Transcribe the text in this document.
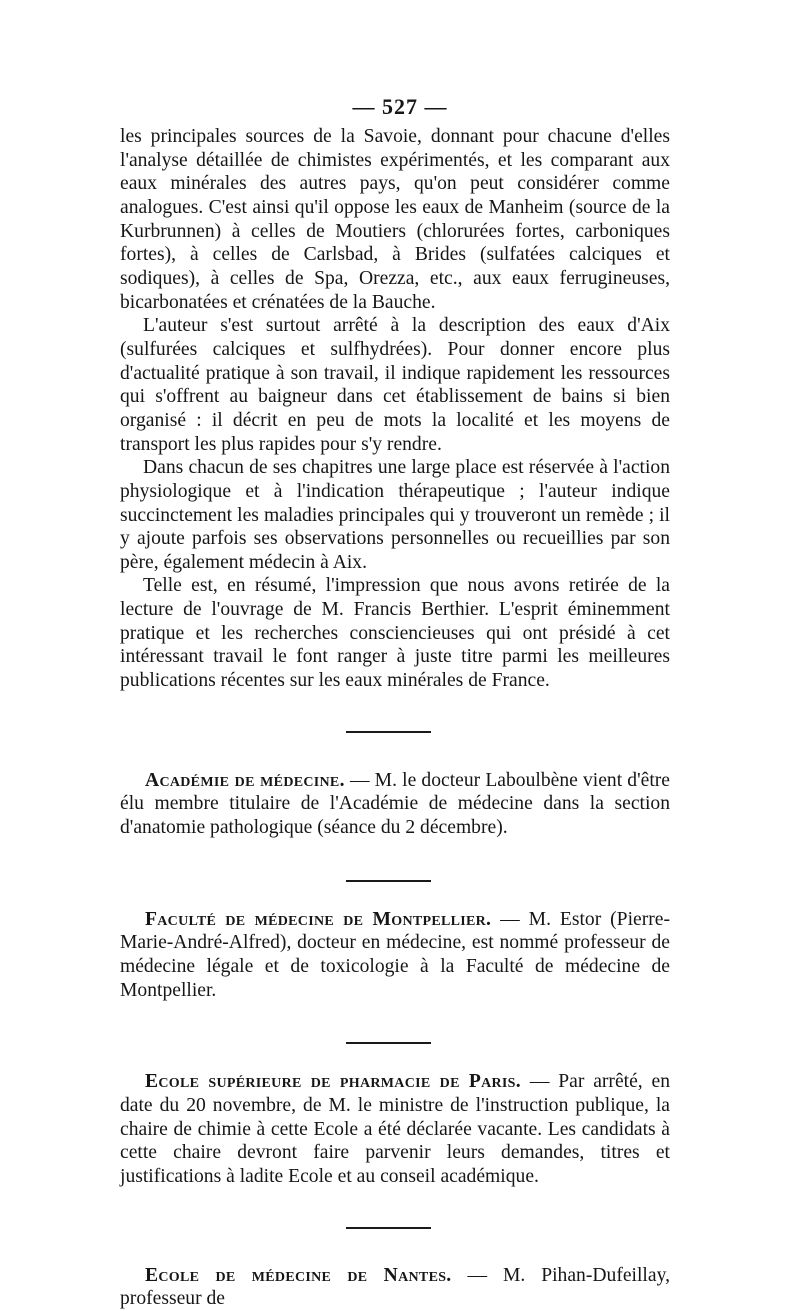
— 527 —

les principales sources de la Savoie, donnant pour chacune d'elles l'analyse détaillée de chimistes expérimentés, et les comparant aux eaux minérales des autres pays, qu'on peut considérer comme analogues. C'est ainsi qu'il oppose les eaux de Manheim (source de la Kurbrunnen) à celles de Moutiers (chlorurées fortes, carboniques fortes), à celles de Carlsbad, à Brides (sulfatées calciques et sodiques), à celles de Spa, Orezza, etc., aux eaux ferrugineuses, bicarbonatées et crénatées de la Bauche.

L'auteur s'est surtout arrêté à la description des eaux d'Aix (sulfurées calciques et sulfhydrées). Pour donner encore plus d'actualité pratique à son travail, il indique rapidement les ressources qui s'offrent au baigneur dans cet établissement de bains si bien organisé : il décrit en peu de mots la localité et les moyens de transport les plus rapides pour s'y rendre.

Dans chacun de ses chapitres une large place est réservée à l'action physiologique et à l'indication thérapeutique ; l'auteur indique succinctement les maladies principales qui y trouveront un remède ; il y ajoute parfois ses observations personnelles ou recueillies par son père, également médecin à Aix.

Telle est, en résumé, l'impression que nous avons retirée de la lecture de l'ouvrage de M. Francis Berthier. L'esprit éminemment pratique et les recherches consciencieuses qui ont présidé à cet intéressant travail le font ranger à juste titre parmi les meilleures publications récentes sur les eaux minérales de France.

Académie de médecine. — M. le docteur Laboulbène vient d'être élu membre titulaire de l'Académie de médecine dans la section d'anatomie pathologique (séance du 2 décembre).

Faculté de médecine de Montpellier. — M. Estor (Pierre-Marie-André-Alfred), docteur en médecine, est nommé professeur de médecine légale et de toxicologie à la Faculté de médecine de Montpellier.

Ecole supérieure de pharmacie de Paris. — Par arrêté, en date du 20 novembre, de M. le ministre de l'instruction publique, la chaire de chimie à cette Ecole a été déclarée vacante. Les candidats à cette chaire devront faire parvenir leurs demandes, titres et justifications à ladite Ecole et au conseil académique.

Ecole de médecine de Nantes. — M. Pihan-Dufeillay, professeur de
